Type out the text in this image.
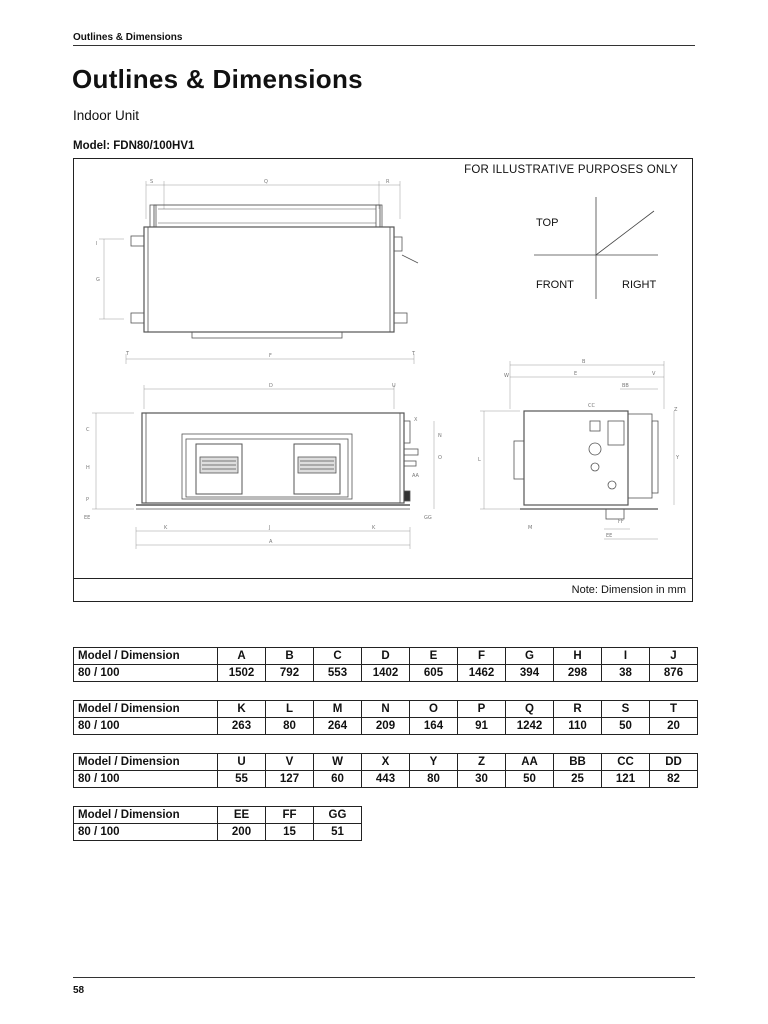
Outlines & Dimensions
Outlines & Dimensions
Indoor Unit
Model: FDN80/100HV1
S	Q	R
I
G
T	F	T
D	U
C
H
P
EE
K	J	K
A
X
N
O
AA
GG
B
W	E
BB
V
CC
Z
L	Y
FF
EE
M
FOR ILLUSTRATIVE PURPOSES ONLY
TOP
FRONT	RIGHT
Note: Dimension in mm
Model / Dimension	A	B	C	D	E	F	G	H	I	J
80 / 100	1502	792	553	1402	605	1462	394	298	38	876
Model / Dimension	K	L	M	N	O	P	Q	R	S	T
80 / 100	263	80	264	209	164	91	1242	110	50	20
Model / Dimension	U	V	W	X	Y	Z	AA	BB	CC	DD
80 / 100	55	127	60	443	80	30	50	25	121	82
Model / Dimension	EE	FF	GG
80 / 100	200	15	51
58
